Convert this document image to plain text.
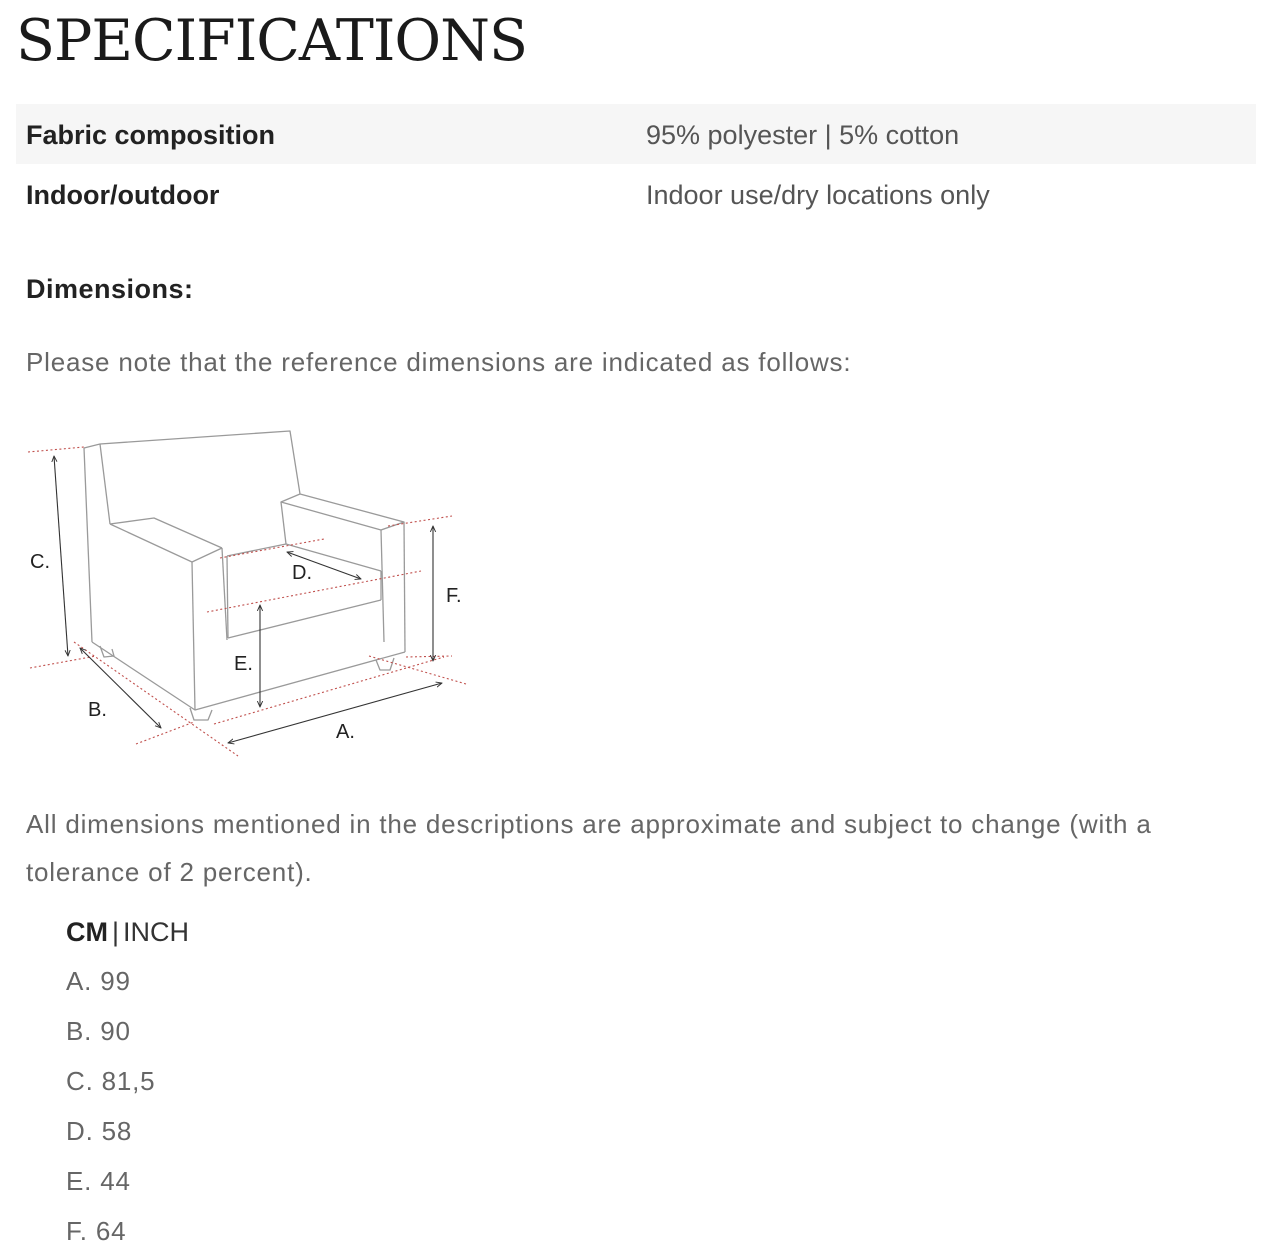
SPECIFICATIONS
Fabric composition	95% polyester | 5% cotton
Indoor/outdoor	Indoor use/dry locations only
Dimensions:
Please note that the reference dimensions are indicated as follows:
C.
B.
A.
E.
F.
D.
All dimensions mentioned in the descriptions are approximate and subject to change (with a tolerance of 2 percent).
CM | INCH
A. 99
B. 90
C. 81,5
D. 58
E. 44
F. 64
